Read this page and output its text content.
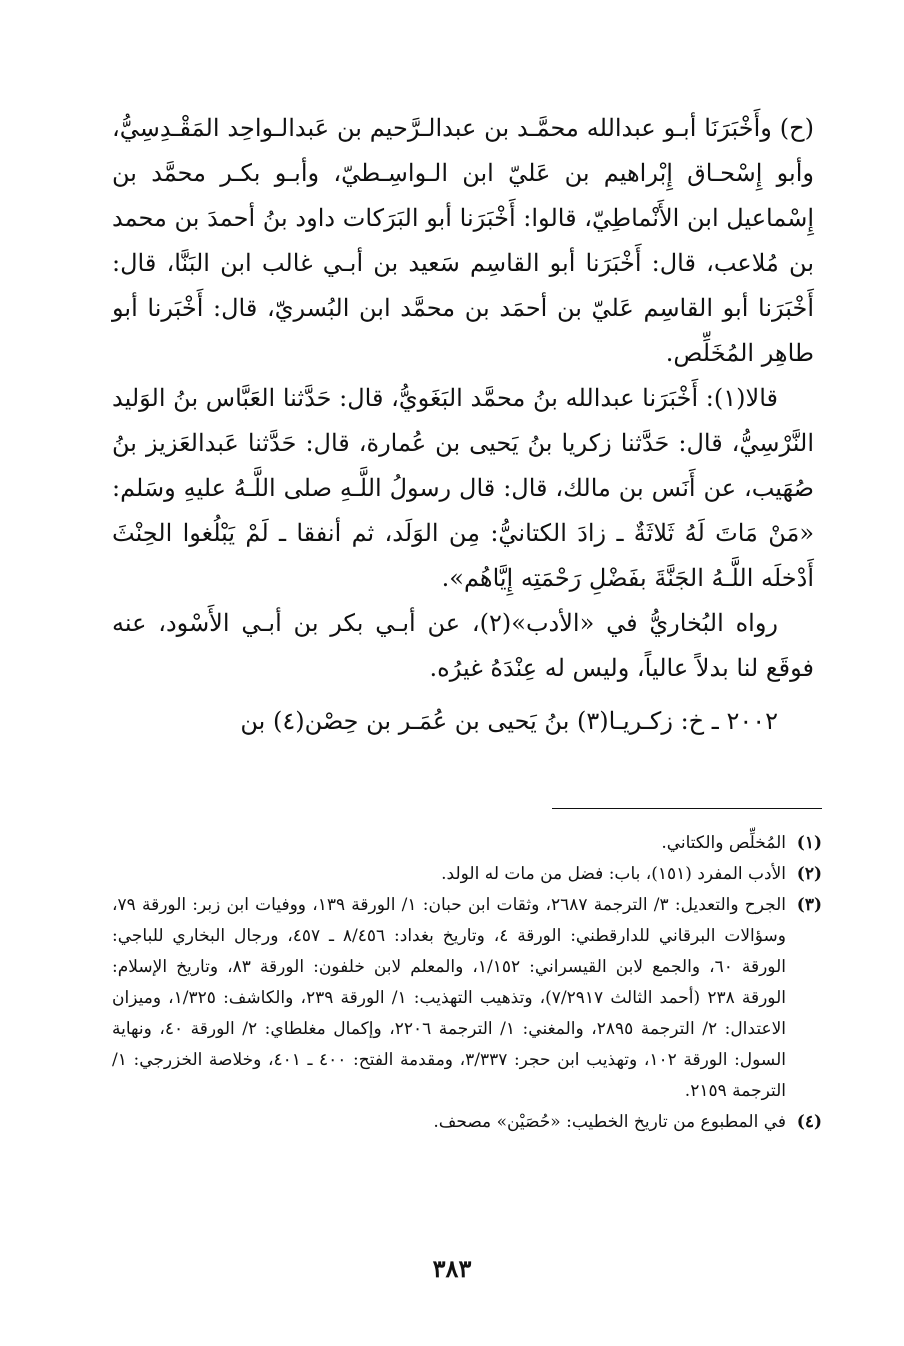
(ح) وأَخْبَرَنَا أبـو عبدالله محمَّـد بن عبدالـرَّحيم بن عَبدالـواحِد المَقْـدِسِيُّ، وأبو إِسْحـاق إِبْراهيم بن عَليّ ابن الـواسِـطيّ، وأبـو بكـر محمَّد بن إِسْماعيل ابن الأَنْماطِيّ، قالوا: أَخْبَرَنا أبو البَرَكات داود بنُ أحمدَ بن محمد بن مُلاعب، قال: أَخْبَرَنا أبو القاسِم سَعيد بن أبـي غالب ابن البَنَّا، قال: أَخْبَرَنا أبو القاسِم عَليّ بن أحمَد بن محمَّد ابن البُسريّ، قال: أَخْبَرنا أبو طاهِر المُخَلِّص.

قالا(١): أَخْبَرَنا عبدالله بنُ محمَّد البَغَويُّ، قال: حَدَّثنا العَبَّاس بنُ الوَليد النَّرْسِيُّ، قال: حَدَّثنا زكريا بنُ يَحيى بن عُمارة، قال: حَدَّثنا عَبدالعَزيز بنُ صُهَيب، عن أَنَس بن مالك، قال: قال رسولُ اللَّـهِ صلى اللَّـهُ عليهِ وسَلم: «مَنْ مَاتَ لَهُ ثَلاثَةٌ ـ زادَ الكتانيُّ: مِن الوَلَد، ثم أنفقا ـ لَمْ يَبْلُغوا الحِنْثَ أَدْخلَه اللَّـهُ الجَنَّةَ بفَضْلِ رَحْمَتِه إِيَّاهُم».

رواه البُخاريُّ في «الأدب»(٢)، عن أبـي بكر بن أبـي الأَسْود، عنه فوقَع لنا بدلاً عالياً، وليس له عِنْدَهُ غيرُه.

٢٠٠٢ ـ خ: زكـريـا(٣) بنُ يَحيى بن عُمَـر بن حِصْن(٤) بن

(١)
المُخلِّص والكتاني.
(٢)
الأدب المفرد (١٥١)، باب: فضل من مات له الولد.
(٣)
الجرح والتعديل: ٣/ الترجمة ٢٦٨٧، وثقات ابن حبان: ١/ الورقة ١٣٩، ووفيات ابن زبر: الورقة ٧٩، وسؤالات البرقاني للدارقطني: الورقة ٤، وتاريخ بغداد: ٨/٤٥٦ ـ ٤٥٧، ورجال البخاري للباجي: الورقة ٦٠، والجمع لابن القيسراني: ١/١٥٢، والمعلم لابن خلفون: الورقة ٨٣، وتاريخ الإسلام: الورقة ٢٣٨ (أحمد الثالث ٧/٢٩١٧)، وتذهيب التهذيب: ١/ الورقة ٢٣٩، والكاشف: ١/٣٢٥، وميزان الاعتدال: ٢/ الترجمة ٢٨٩٥، والمغني: ١/ الترجمة ٢٢٠٦، وإكمال مغلطاي: ٢/ الورقة ٤٠، ونهاية السول: الورقة ١٠٢، وتهذيب ابن حجر: ٣/٣٣٧، ومقدمة الفتح: ٤٠٠ ـ ٤٠١، وخلاصة الخزرجي: ١/ الترجمة ٢١٥٩.
(٤)
في المطبوع من تاريخ الخطيب: «حُصَيْن» مصحف.
٣٨٣
